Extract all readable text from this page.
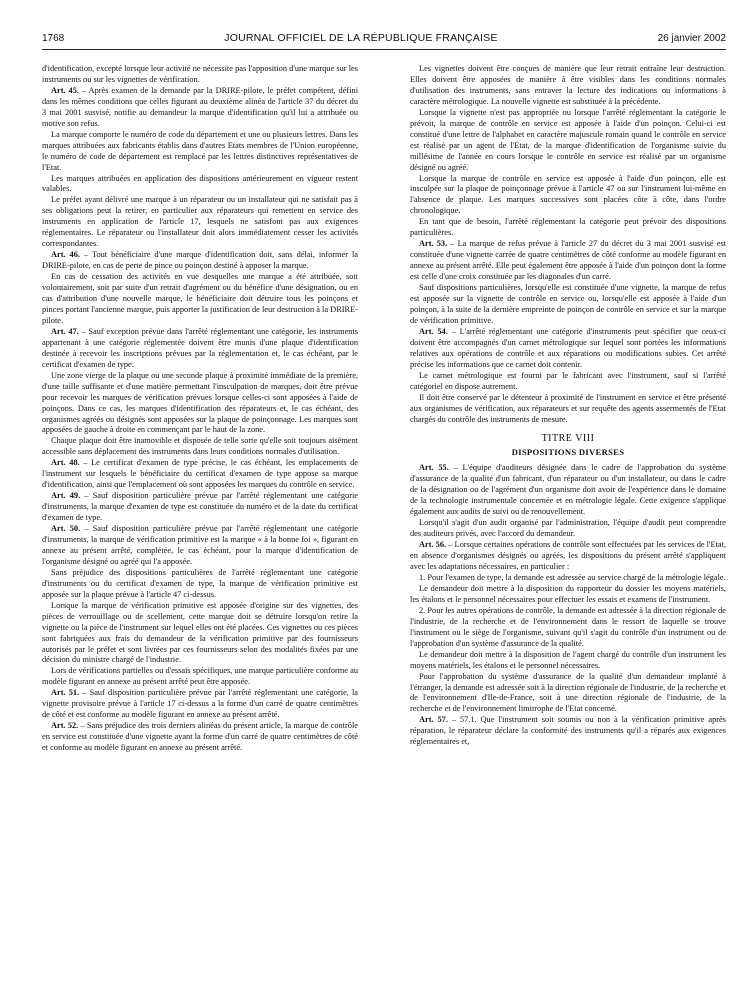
1768	JOURNAL OFFICIEL DE LA RÉPUBLIQUE FRANÇAISE	26 janvier 2002

d'identification, excepté lorsque leur activité ne nécessite pas l'apposition d'une marque sur les instruments ou sur les vignettes de vérification.

Art. 45. – Après examen de la demande par la DRIRE-pilote, le préfet compétent, défini dans les mêmes conditions que celles figurant au deuxième alinéa de l'article 37 du décret du 3 mai 2001 susvisé, notifie au demandeur la marque d'identification qu'il lui a attribuée ou motive son refus.

La marque comporte le numéro de code du département et une ou plusieurs lettres. Dans les marques attribuées aux fabricants établis dans d'autres Etats membres de l'Union européenne, le numéro de code de département est remplacé par les lettres distinctives représentatives de l'Etat.

Les marques attribuées en application des dispositions antérieurement en vigueur restent valables.

Le préfet ayant délivré une marque à un réparateur ou un installateur qui ne satisfait pas à ses obligations peut la retirer, en particulier aux réparateurs qui remettent en service des instruments en application de l'article 17, lesquels ne satisfont pas aux exigences réglementaires. Le réparateur ou l'installateur doit alors immédiatement cesser les activités correspondantes.

Art. 46. – Tout bénéficiaire d'une marque d'identification doit, sans délai, informer la DRIRE-pilote, en cas de perte de pince ou poinçon destiné à apposer la marque.

En cas de cessation des activités en vue desquelles une marque a été attribuée, soit volontairement, soit par suite d'un retrait d'agrément ou du bénéfice d'une désignation, ou en cas d'attribution d'une nouvelle marque, le bénéficiaire doit détruire tous les poinçons et pinces portant l'ancienne marque, puis apporter la justification de leur destruction à la DRIRE-pilote.

Art. 47. – Sauf exception prévue dans l'arrêté réglementant une catégorie, les instruments appartenant à une catégorie réglementée doivent être munis d'une plaque d'identification destinée à recevoir les inscriptions prévues par la réglementation et, le cas échéant, par le certificat d'examen de type.

Une zone vierge de la plaque ou une seconde plaque à proximité immédiate de la première, d'une taille suffisante et d'une matière permettant l'insculpation de marques, doit être prévue pour recevoir les marques de vérification prévues lorsque celles-ci sont apposées à l'aide de poinçons. Dans ce cas, les marques d'identification des réparateurs et, le cas échéant, des organismes agréés ou désignés sont apposées sur la plaque de poinçonnage. Les marques sont apposées de gauche à droite en commençant par le haut de la zone.

Chaque plaque doit être inamovible et disposée de telle sorte qu'elle soit toujours aisément accessible sans déplacement des instruments dans leurs conditions normales d'utilisation.

Art. 48. – Le certificat d'examen de type précise, le cas échéant, les emplacements de l'instrument sur lesquels le bénéficiaire du certificat d'examen de type appose sa marque d'identification, ainsi que l'emplacement où sont apposées les marques du contrôle en service.

Art. 49. – Sauf disposition particulière prévue par l'arrêté réglementant une catégorie d'instruments, la marque d'examen de type est constituée du numéro et de la date du certificat d'examen de type.

Art. 50. – Sauf disposition particulière prévue par l'arrêté réglementant une catégorie d'instruments, la marque de vérification primitive est la marque « à la bonne foi », figurant en annexe au présent arrêté, complétée, le cas échéant, pour la marque d'identification de l'organisme désigné ou agréé qui l'a apposée.

Sans préjudice des dispositions particulières de l'arrêté réglementant une catégorie d'instruments ou du certificat d'examen de type, la marque de vérification primitive est apposée sur la plaque prévue à l'article 47 ci-dessus.

Lorsque la marque de vérification primitive est apposée d'origine sur des vignettes, des pièces de verrouillage ou de scellement, cette marque doit se détruire lorsqu'on retire la vignette ou la pièce de l'instrument sur lequel elles ont été placées. Ces vignettes ou ces pièces sont fabriquées aux frais du demandeur de la vérification primitive par des fournisseurs autorisés par le préfet et sont livrées par ces fournisseurs selon des modalités fixées par une décision du ministre chargé de l'industrie.

Lors de vérifications partielles ou d'essais spécifiques, une marque particulière conforme au modèle figurant en annexe au présent arrêté peut être apposée.

Art. 51. – Sauf disposition particulière prévue par l'arrêté réglementant une catégorie, la vignette provisoire prévue à l'article 17 ci-dessus a la forme d'un carré de quatre centimètres de côté et est conforme au modèle figurant en annexe au présent arrêté.

Art. 52. – Sans préjudice des trois derniers alinéas du présent article, la marque de contrôle en service est constituée d'une vignette ayant la forme d'un carré de quatre centimètres de côté et conforme au modèle figurant en annexe au présent arrêté.

Les vignettes doivent être conçues de manière que leur retrait entraîne leur destruction. Elles doivent être apposées de manière à être visibles dans les conditions normales d'utilisation des instruments, sans entraver la lecture des indications ou informations à caractère métrologique. La nouvelle vignette est substituée à la précédente.

Lorsque la vignette n'est pas appropriée ou lorsque l'arrêté réglementant la catégorie le prévoit, la marque de contrôle en service est apposée à l'aide d'un poinçon. Celui-ci est constitué d'une lettre de l'alphabet en caractère majuscule romain quand le contrôle en service est réalisé par un agent de l'Etat, de la marque d'identification de l'organisme suivie du millésime de l'année en cours lorsque le contrôle en service est réalisé par un organisme désigné ou agréé.

Lorsque la marque de contrôle en service est apposée à l'aide d'un poinçon, elle est insculpée sur la plaque de poinçonnage prévue à l'article 47 ou sur l'instrument lui-même en l'absence de plaque. Les marques successives sont placées côte à côte, dans l'ordre chronologique.

En tant que de besoin, l'arrêté réglementant la catégorie peut prévoir des dispositions particulières.

Art. 53. – La marque de refus prévue à l'article 27 du décret du 3 mai 2001 susvisé est constituée d'une vignette carrée de quatre centimètres de côté conforme au modèle figurant en annexe au présent arrêté. Elle peut également être apposée à l'aide d'un poinçon dont la forme est celle d'une croix constituée par les diagonales d'un carré.

Sauf dispositions particulières, lorsqu'elle est constituée d'une vignette, la marque de refus est apposée sur la vignette de contrôle en service ou, lorsqu'elle est apposée à l'aide d'un poinçon, à la suite de la dernière empreinte de poinçon de contrôle en service et sur la marque de vérification primitive.

Art. 54. – L'arrêté réglementant une catégorie d'instruments peut spécifier que ceux-ci doivent être accompagnés d'un carnet métrologique sur lequel sont portées les informations relatives aux opérations de contrôle et aux réparations ou modifications subies. Cet arrêté précise les informations que ce carnet doit contenir.

Le carnet métrologique est fourni par le fabricant avec l'instrument, sauf si l'arrêté catégoriel en dispose autrement.

Il doit être conservé par le détenteur à proximité de l'instrument en service et être présenté aux organismes de vérification, aux réparateurs et sur requête des agents assermentés de l'Etat chargés du contrôle des instruments de mesure.

TITRE VIII
DISPOSITIONS DIVERSES

Art. 55. – L'équipe d'auditeurs désignée dans le cadre de l'approbation du système d'assurance de la qualité d'un fabricant, d'un réparateur ou d'un installateur, ou dans le cadre de la désignation ou de l'agrément d'un organisme doit avoir de l'expérience dans le domaine de la technologie instrumentale concernée et en métrologie légale. Cette exigence s'applique également aux audits de suivi ou de renouvellement.

Lorsqu'il s'agit d'un audit organisé par l'administration, l'équipe d'audit peut comprendre des auditeurs privés, avec l'accord du demandeur.

Art. 56. – Lorsque certaines opérations de contrôle sont effectuées par les services de l'Etat, en absence d'organismes désignés ou agréés, les dispositions du présent arrêté s'appliquent avec les adaptations nécessaires, en particulier :

1. Pour l'examen de type, la demande est adressée au service chargé de la métrologie légale.

Le demandeur doit mettre à la disposition du rapporteur du dossier les moyens matériels, les étalons et le personnel nécessaires pour effectuer les essais et examens de l'instrument.

2. Pour les autres opérations de contrôle, la demande est adressée à la direction régionale de l'industrie, de la recherche et de l'environnement dans le ressort de laquelle se trouve l'instrument ou le siège de l'organisme, suivant qu'il s'agit du contrôle d'un instrument ou de l'approbation d'un système d'assurance de la qualité.

Le demandeur doit mettre à la disposition de l'agent chargé du contrôle d'un instrument les moyens matériels, les étalons et le personnel nécessaires.

Pour l'approbation du système d'assurance de la qualité d'un demandeur implanté à l'étranger, la demande est adressée soit à la direction régionale de l'industrie, de la recherche et de l'environnement d'Ile-de-France, soit à une direction régionale de l'industrie, de la recherche et de l'environnement limitrophe de l'Etat concerné.

Art. 57. – 57.1. Que l'instrument soit soumis ou non à la vérification primitive après réparation, le réparateur déclare la conformité des instruments qu'il a réparés aux exigences réglementaires et,
